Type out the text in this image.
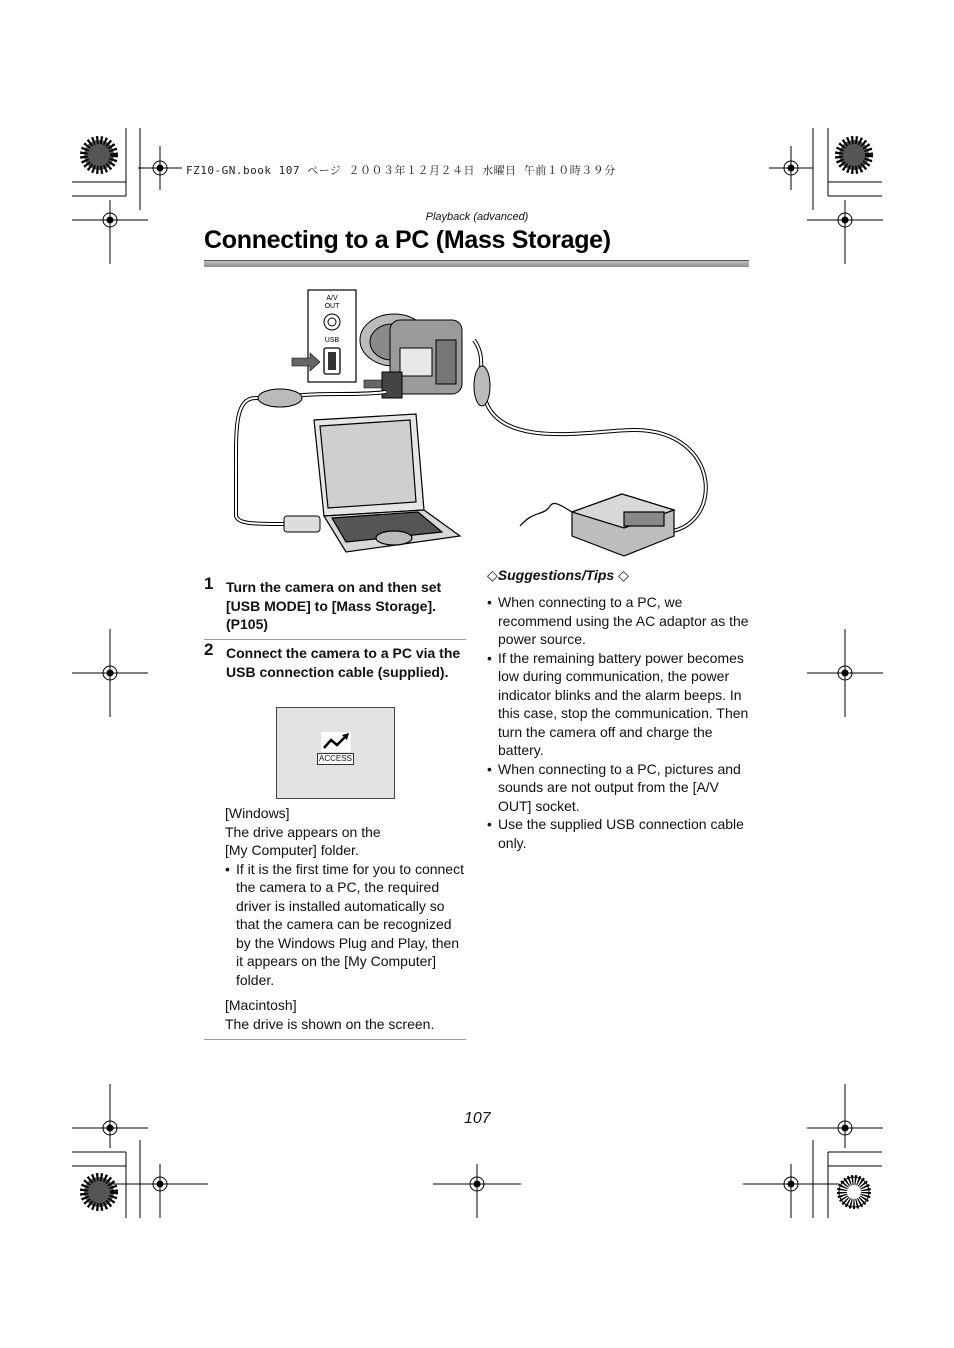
FZ10-GN.book 107 ページ ２００３年１２月２４日 水曜日 午前１０時３９分
Playback (advanced)
Connecting to a PC (Mass Storage)
A/V
OUT
USB
1 Turn the camera on and then set [USB MODE] to [Mass Storage]. (P105)
2 Connect the camera to a PC via the USB connection cable (supplied).
ACCESS
[Windows]
The drive appears on the
[My Computer] folder.
• If it is the first time for you to connect the camera to a PC, the required driver is installed automatically so that the camera can be recognized by the Windows Plug and Play, then it appears on the [My Computer] folder.
[Macintosh]
The drive is shown on the screen.
◇Suggestions/Tips ◇
• When connecting to a PC, we recommend using the AC adaptor as the power source.
• If the remaining battery power becomes low during communication, the power indicator blinks and the alarm beeps. In this case, stop the communication. Then turn the camera off and charge the battery.
• When connecting to a PC, pictures and sounds are not output from the [A/V OUT] socket.
• Use the supplied USB connection cable only.
107
